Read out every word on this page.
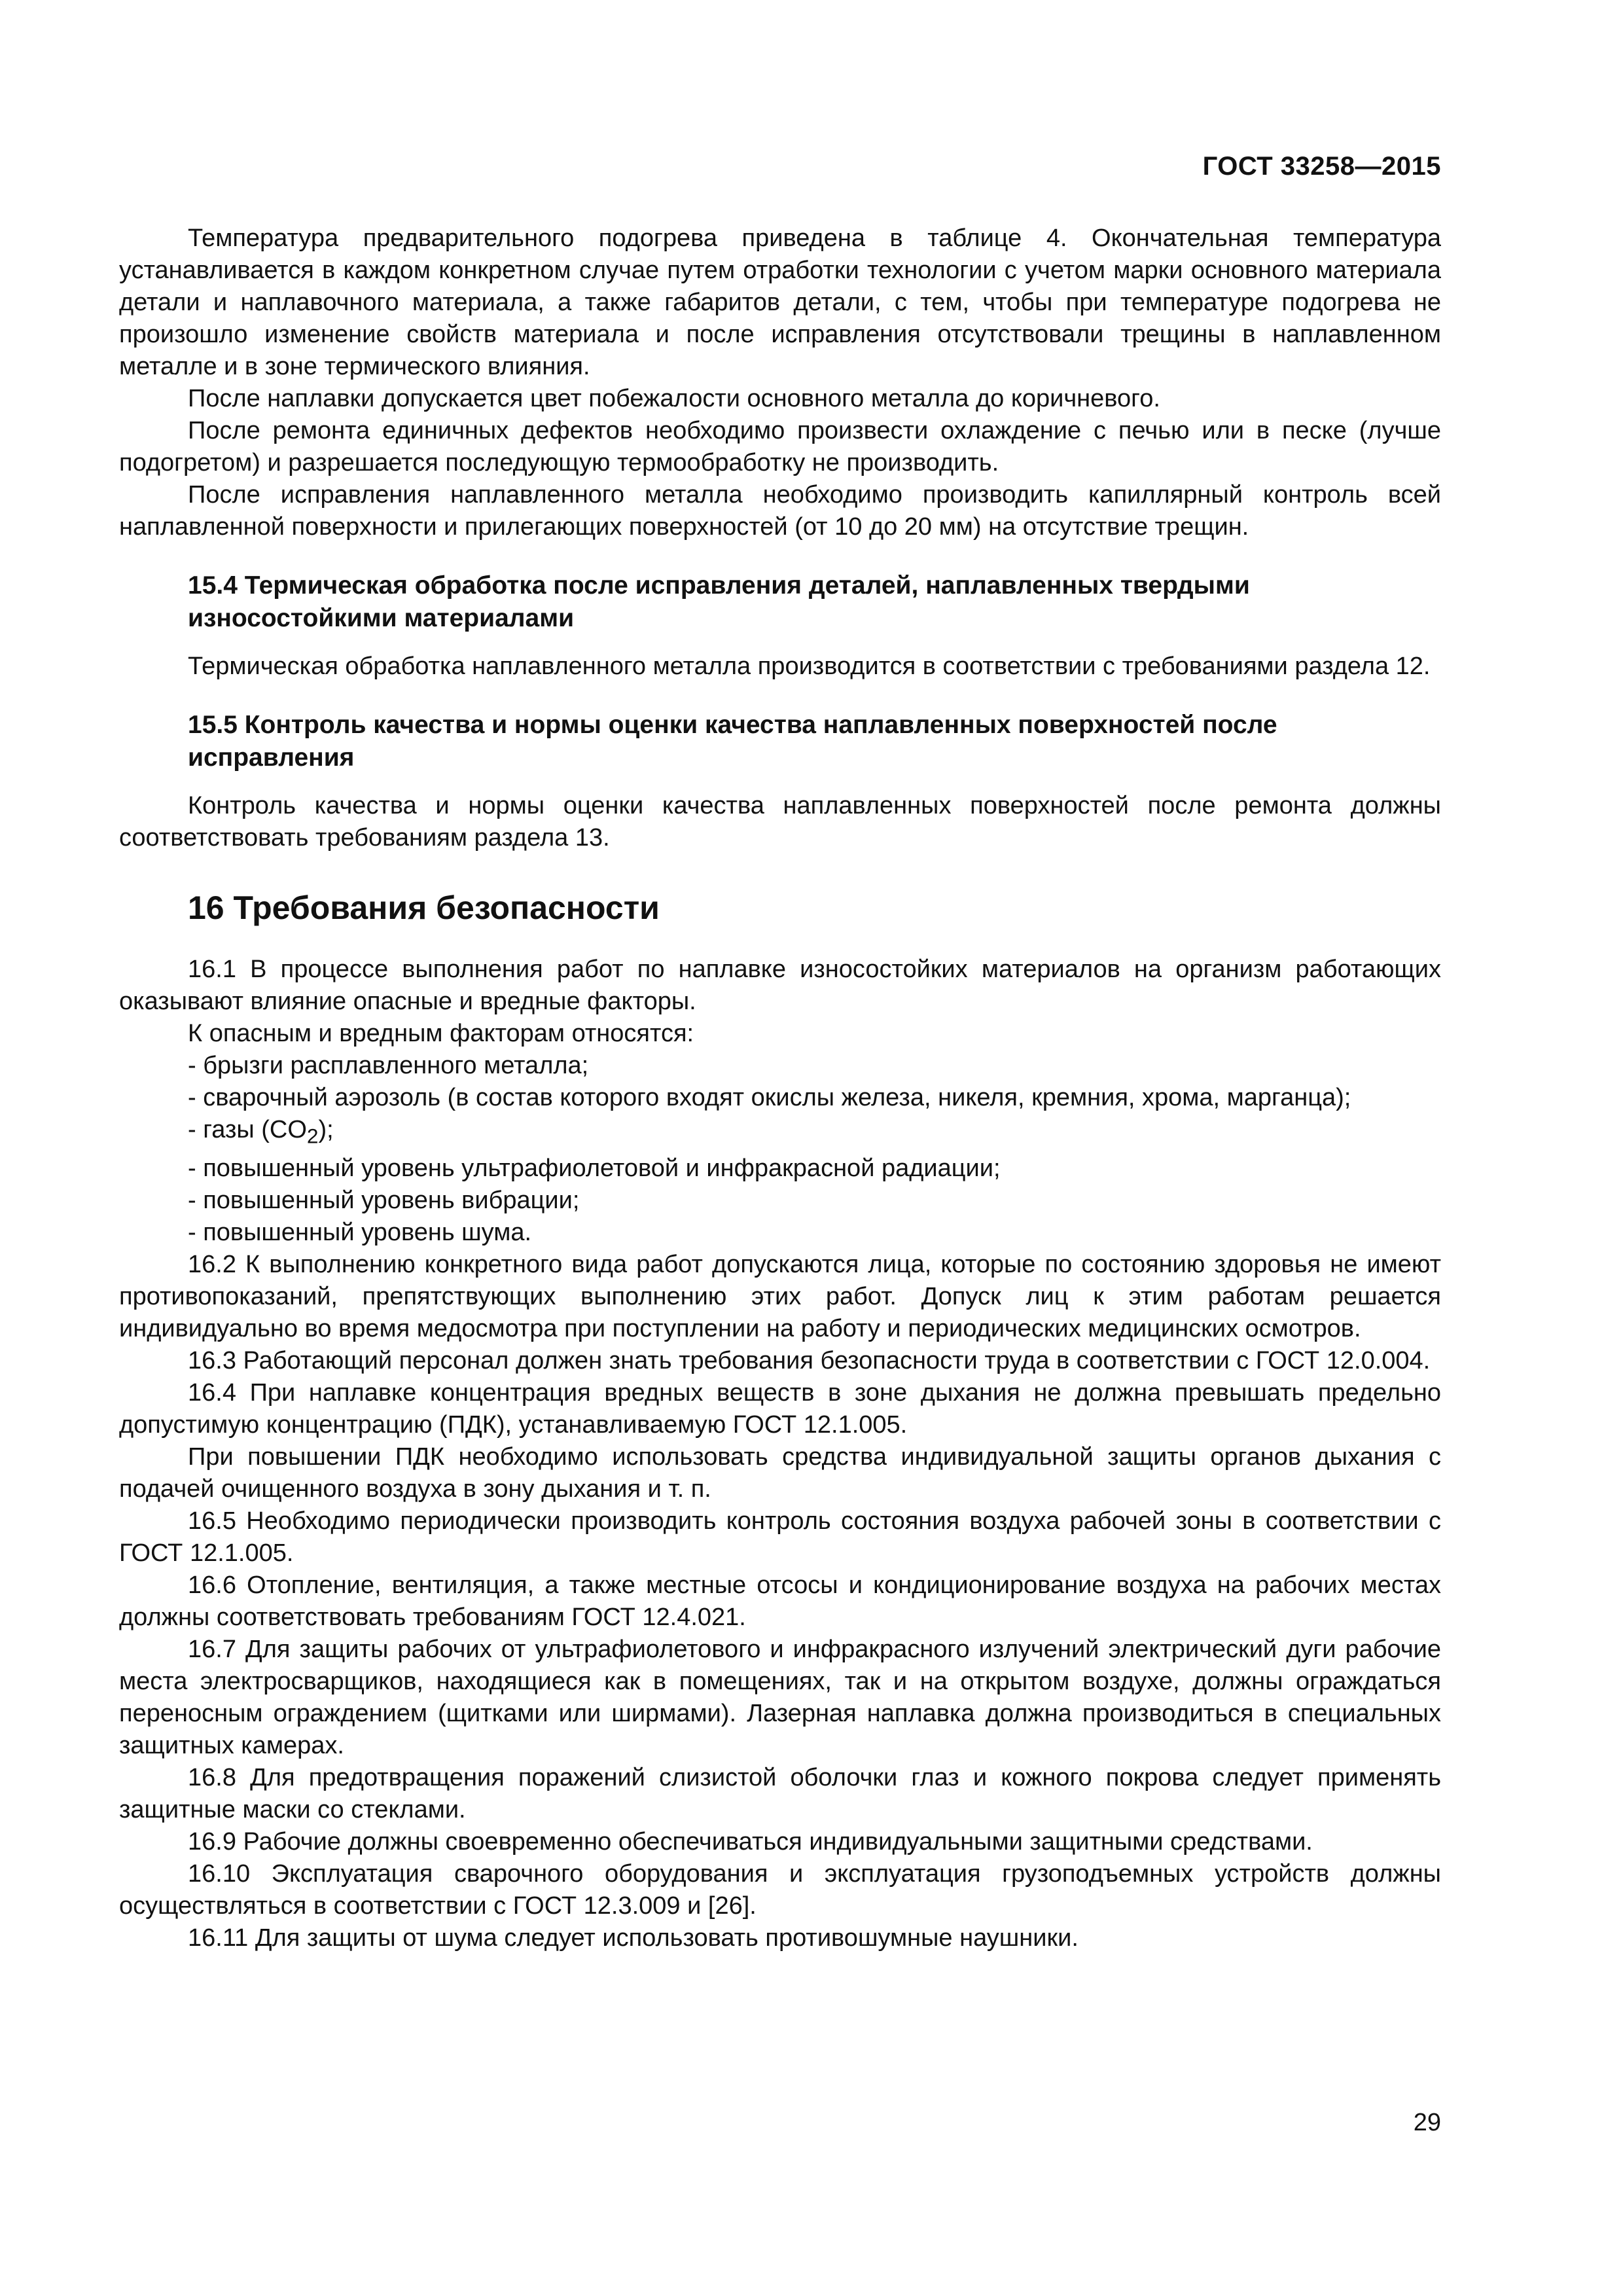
ГОСТ 33258—2015

Температура предварительного подогрева приведена в таблице 4. Окончательная температура устанавливается в каждом конкретном случае путем отработки технологии с учетом марки основного материала детали и наплавочного материала, а также габаритов детали, с тем, чтобы при температуре подогрева не произошло изменение свойств материала и после исправления отсутствовали трещины в наплавленном металле и в зоне термического влияния.

После наплавки допускается цвет побежалости основного металла до коричневого.

После ремонта единичных дефектов необходимо произвести охлаждение с печью или в песке (лучше подогретом) и разрешается последующую термообработку не производить.

После исправления наплавленного металла необходимо производить капиллярный контроль всей наплавленной поверхности и прилегающих поверхностей (от 10 до 20 мм) на отсутствие трещин.

15.4 Термическая обработка после исправления деталей, наплавленных твердыми износостойкими материалами

Термическая обработка наплавленного металла производится в соответствии с требованиями раздела 12.

15.5 Контроль качества и нормы оценки качества наплавленных поверхностей после исправления

Контроль качества и нормы оценки качества наплавленных поверхностей после ремонта должны соответствовать требованиям раздела 13.

16 Требования безопасности

16.1 В процессе выполнения работ по наплавке износостойких материалов на организм работающих оказывают влияние опасные и вредные факторы.

К опасным и вредным факторам относятся:

- брызги расплавленного металла;

- сварочный аэрозоль (в состав которого входят окислы железа, никеля, кремния, хрома, марганца);

- газы $(CO_2)$;

- повышенный уровень ультрафиолетовой и инфракрасной радиации;

- повышенный уровень вибрации;

- повышенный уровень шума.

16.2 К выполнению конкретного вида работ допускаются лица, которые по состоянию здоровья не имеют противопоказаний, препятствующих выполнению этих работ. Допуск лиц к этим работам решается индивидуально во время медосмотра при поступлении на работу и периодических медицинских осмотров.

16.3 Работающий персонал должен знать требования безопасности труда в соответствии с ГОСТ 12.0.004.

16.4 При наплавке концентрация вредных веществ в зоне дыхания не должна превышать предельно допустимую концентрацию (ПДК), устанавливаемую ГОСТ 12.1.005.

При повышении ПДК необходимо использовать средства индивидуальной защиты органов дыхания с подачей очищенного воздуха в зону дыхания и т. п.

16.5 Необходимо периодически производить контроль состояния воздуха рабочей зоны в соответствии с ГОСТ 12.1.005.

16.6 Отопление, вентиляция, а также местные отсосы и кондиционирование воздуха на рабочих местах должны соответствовать требованиям ГОСТ 12.4.021.

16.7 Для защиты рабочих от ультрафиолетового и инфракрасного излучений электрический дуги рабочие места электросварщиков, находящиеся как в помещениях, так и на открытом воздухе, должны ограждаться переносным ограждением (щитками или ширмами). Лазерная наплавка должна производиться в специальных защитных камерах.

16.8 Для предотвращения поражений слизистой оболочки глаз и кожного покрова следует применять защитные маски со стеклами.

16.9 Рабочие должны своевременно обеспечиваться индивидуальными защитными средствами.

16.10 Эксплуатация сварочного оборудования и эксплуатация грузоподъемных устройств должны осуществляться в соответствии с ГОСТ 12.3.009 и [26].

16.11 Для защиты от шума следует использовать противошумные наушники.

29
